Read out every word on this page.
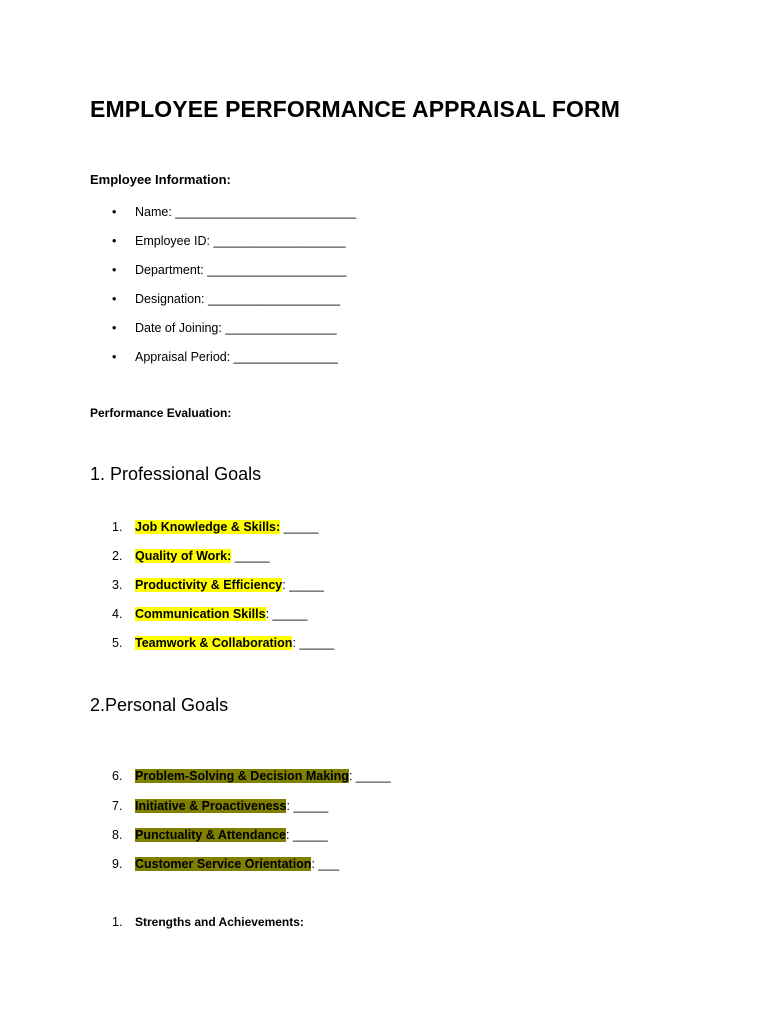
EMPLOYEE PERFORMANCE APPRAISAL FORM
Employee Information:
• Name: __________________________
• Employee ID: ___________________
• Department: ____________________
• Designation: ___________________
• Date of Joining: ________________
• Appraisal Period: _______________
Performance Evaluation:
1. Professional Goals
1. Job Knowledge & Skills: _____
2. Quality of Work: _____
3. Productivity & Efficiency: _____
4. Communication Skills: _____
5. Teamwork & Collaboration: _____
2.Personal Goals
6. Problem-Solving & Decision Making: _____
7. Initiative & Proactiveness: _____
8. Punctuality & Attendance: _____
9. Customer Service Orientation: ___
1. Strengths and Achievements:
